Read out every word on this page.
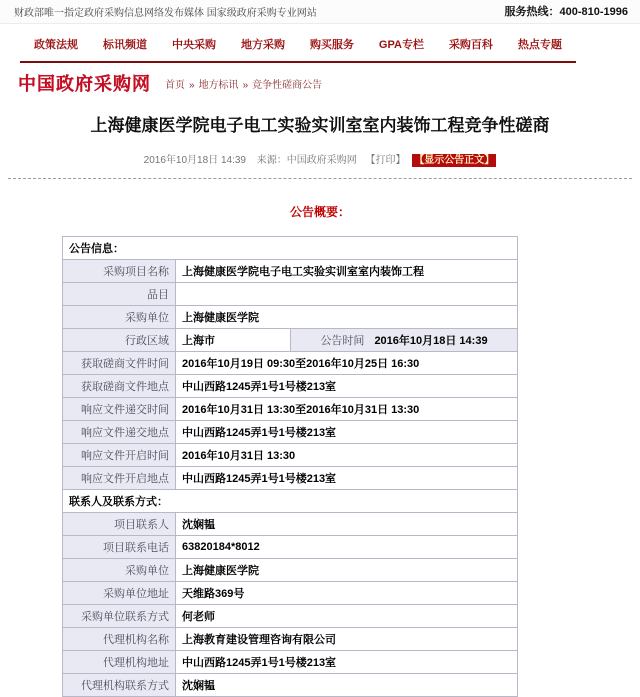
财政部唯一指定政府采购信息网络发布媒体 国家级政府采购专业网站	服务热线：400-810-1996
政策法规 标讯频道 中央采购 地方采购 购买服务 GPA专栏 采购百科 热点专题
中国政府采购网 首页 » 地方标讯 » 竞争性磋商公告
上海健康医学院电子电工实验实训室室内装饰工程竞争性磋商
2016年10月18日 14:39 来源：中国政府采购网 【打印】 【显示公告正文】
公告概要：
公告信息：		
采购项目名称	上海健康医学院电子电工实验实训室室内装饰工程	
品目		
采购单位	上海健康医学院	
行政区域	上海市	公告时间 2016年10月18日 14:39
获取磋商文件时间	2016年10月19日 09:30至2016年10月25日 16:30	
获取磋商文件地点	中山西路1245弄1号1号楼213室	
响应文件递交时间	2016年10月31日 13:30至2016年10月31日 13:30	
响应文件递交地点	中山西路1245弄1号1号楼213室	
响应文件开启时间	2016年10月31日 13:30	
响应文件开启地点	中山西路1245弄1号1号楼213室	
联系人及联系方式：		
项目联系人	沈娴韫	
项目联系电话	63820184*8012	
采购单位	上海健康医学院	
采购单位地址	天维路369号	
采购单位联系方式	何老师	
代理机构名称	上海教育建设管理咨询有限公司	
代理机构地址	中山西路1245弄1号1号楼213室	
代理机构联系方式	沈娴韫	
